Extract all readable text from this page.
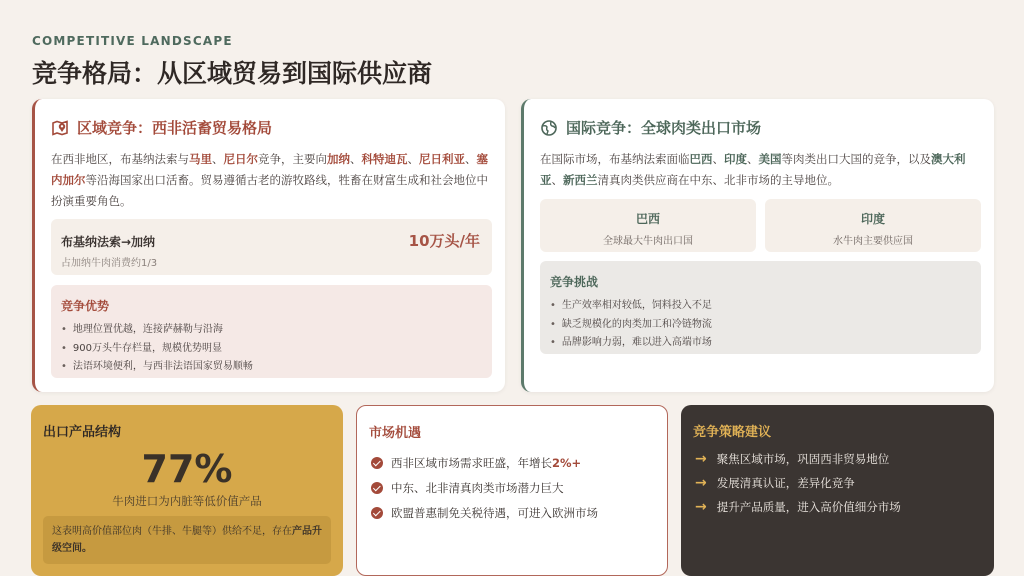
COMPETITIVE LANDSCAPE
竞争格局：从区域贸易到国际供应商
区域竞争：西非活畜贸易格局

在西非地区，布基纳法索与马里、尼日尔竞争，主要向加纳、科特迪瓦、尼日利亚、塞内加尔等沿海国家出口活畜。贸易遵循古老的游牧路线，牲畜在财富生成和社会地位中扮演重要角色。

布基纳法索→加纳	10万头/年
占加纳牛肉消费约1/3
竞争优势
• 地理位置优越，连接萨赫勒与沿海
• 900万头牛存栏量，规模优势明显
• 法语环境便利，与西非法语国家贸易顺畅
国际竞争：全球肉类出口市场

在国际市场，布基纳法索面临巴西、印度、美国等肉类出口大国的竞争，以及澳大利亚、新西兰清真肉类供应商在中东、北非市场的主导地位。

巴西
全球最大牛肉出口国
印度
水牛肉主要供应国
竞争挑战
• 生产效率相对较低，饲料投入不足
• 缺乏规模化的肉类加工和冷链物流
• 品牌影响力弱，难以进入高端市场
出口产品结构
77%
牛肉进口为内脏等低价值产品
这表明高价值部位肉（牛排、牛腿等）供给不足，存在产品升级空间。
市场机遇
西非区域市场需求旺盛，年增长 2%+
中东、北非清真肉类市场潜力巨大
欧盟普惠制免关税待遇，可进入欧洲市场
竞争策略建议
→ 聚焦区域市场，巩固西非贸易地位
→ 发展清真认证，差异化竞争
→ 提升产品质量，进入高价值细分市场
